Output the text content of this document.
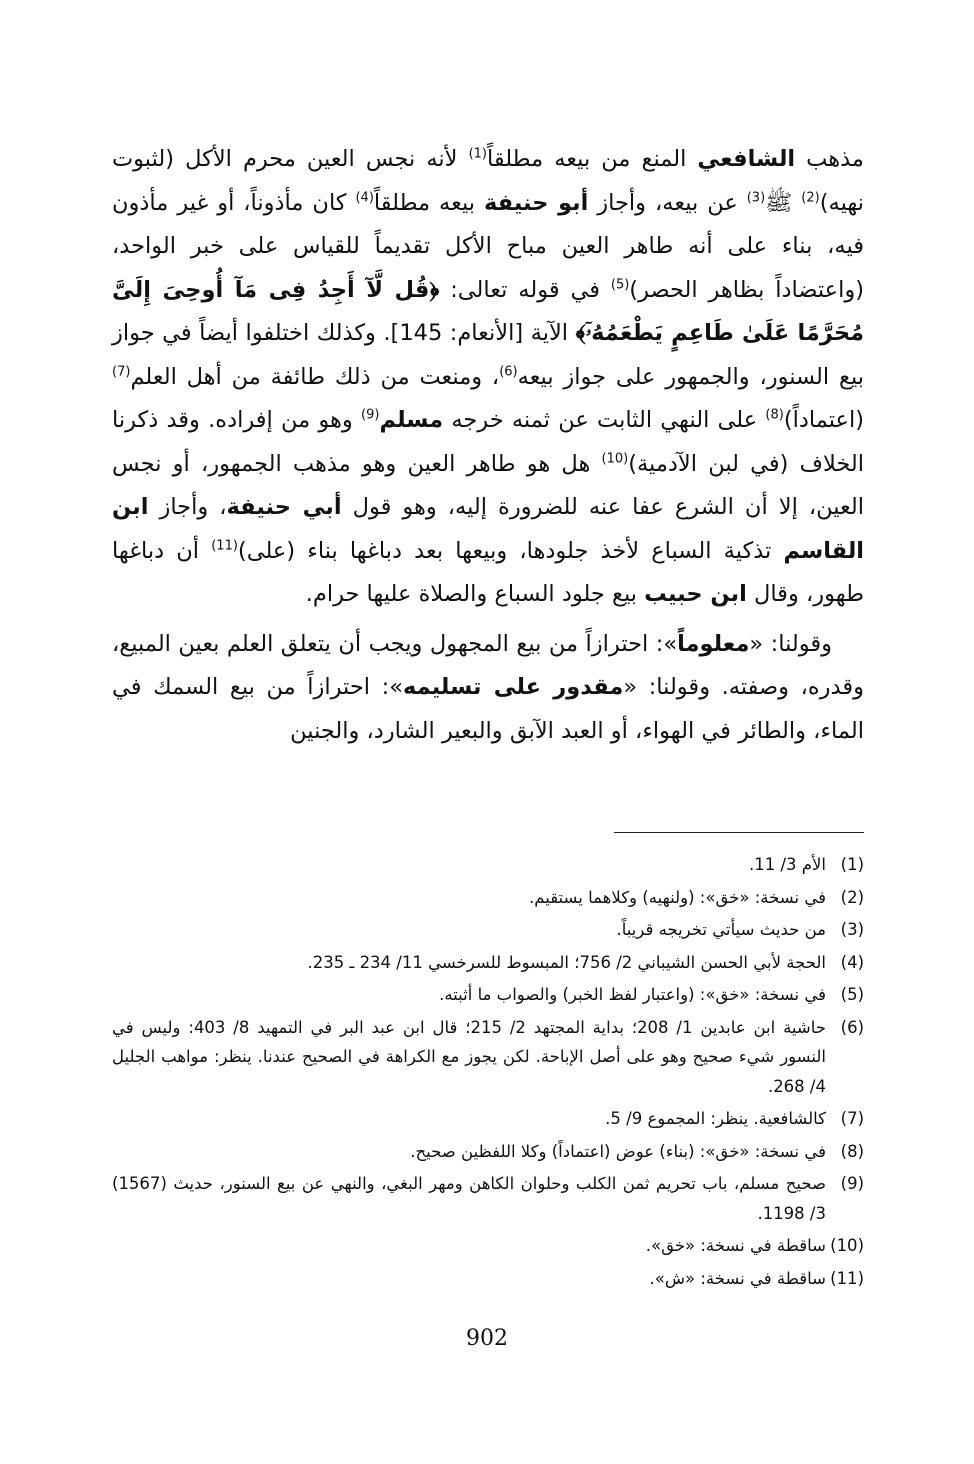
مذهب الشافعي المنع من بيعه مطلقاً$^{(1)}$ لأنه نجس العين محرم الأكل (لثبوت نهيه)$^{(2)}$ ﷺ$^{(3)}$ عن بيعه، وأجاز أبو حنيفة بيعه مطلقاً$^{(4)}$ كان مأذوناً، أو غير مأذون فيه، بناء على أنه طاهر العين مباح الأكل تقديماً للقياس على خبر الواحد، (واعتضاداً بظاهر الحصر)$^{(5)}$ في قوله تعالى: ﴿قُل لَّآ أَجِدُ فِى مَآ أُوحِىَ إِلَىَّ مُحَرَّمًا عَلَىٰ طَاعِمٍ يَطْعَمُهُۥٓ﴾ الآية [الأنعام: 145]. وكذلك اختلفوا أيضاً في جواز بيع السنور، والجمهور على جواز بيعه$^{(6)}$، ومنعت من ذلك طائفة من أهل العلم$^{(7)}$ (اعتماداً)$^{(8)}$ على النهي الثابت عن ثمنه خرجه مسلم$^{(9)}$ وهو من إفراده. وقد ذكرنا الخلاف (في لبن الآدمية)$^{(10)}$ هل هو طاهر العين وهو مذهب الجمهور، أو نجس العين، إلا أن الشرع عفا عنه للضرورة إليه، وهو قول أبي حنيفة، وأجاز ابن القاسم تذكية السباع لأخذ جلودها، وبيعها بعد دباغها بناء (على)$^{(11)}$ أن دباغها طهور، وقال ابن حبيب بيع جلود السباع والصلاة عليها حرام.

وقولنا: «معلوماً»: احترازاً من بيع المجهول ويجب أن يتعلق العلم بعين المبيع، وقدره، وصفته. وقولنا: «مقدور على تسليمه»: احترازاً من بيع السمك في الماء، والطائر في الهواء، أو العبد الآبق والبعير الشارد، والجنين

(1)
الأم 3/ 11.
(2)
في نسخة: «خق»: (ولنهيه) وكلاهما يستقيم.
(3)
من حديث سيأتي تخريجه قريباً.
(4)
الحجة لأبي الحسن الشيباني 2/ 756؛ المبسوط للسرخسي 11/ 234 ـ 235.
(5)
في نسخة: «خق»: (واعتبار لفظ الخبر) والصواب ما أثبته.
(6)
حاشية ابن عابدين 1/ 208؛ بداية المجتهد 2/ 215؛ قال ابن عبد البر في التمهيد 8/ 403: وليس في النسور شيء صحيح وهو على أصل الإباحة. لكن يجوز مع الكراهة في الصحيح عندنا. ينظر: مواهب الجليل 4/ 268.
(7)
كالشافعية. ينظر: المجموع 9/ 5.
(8)
في نسخة: «خق»: (بناء) عوض (اعتماداً) وكلا اللفظين صحيح.
(9)
صحيح مسلم، باب تحريم ثمن الكلب وحلوان الكاهن ومهر البغي، والنهي عن بيع السنور، حديث (1567) 3/ 1198.
(10)
ساقطة في نسخة: «خق».
(11)
ساقطة في نسخة: «ش».
902
